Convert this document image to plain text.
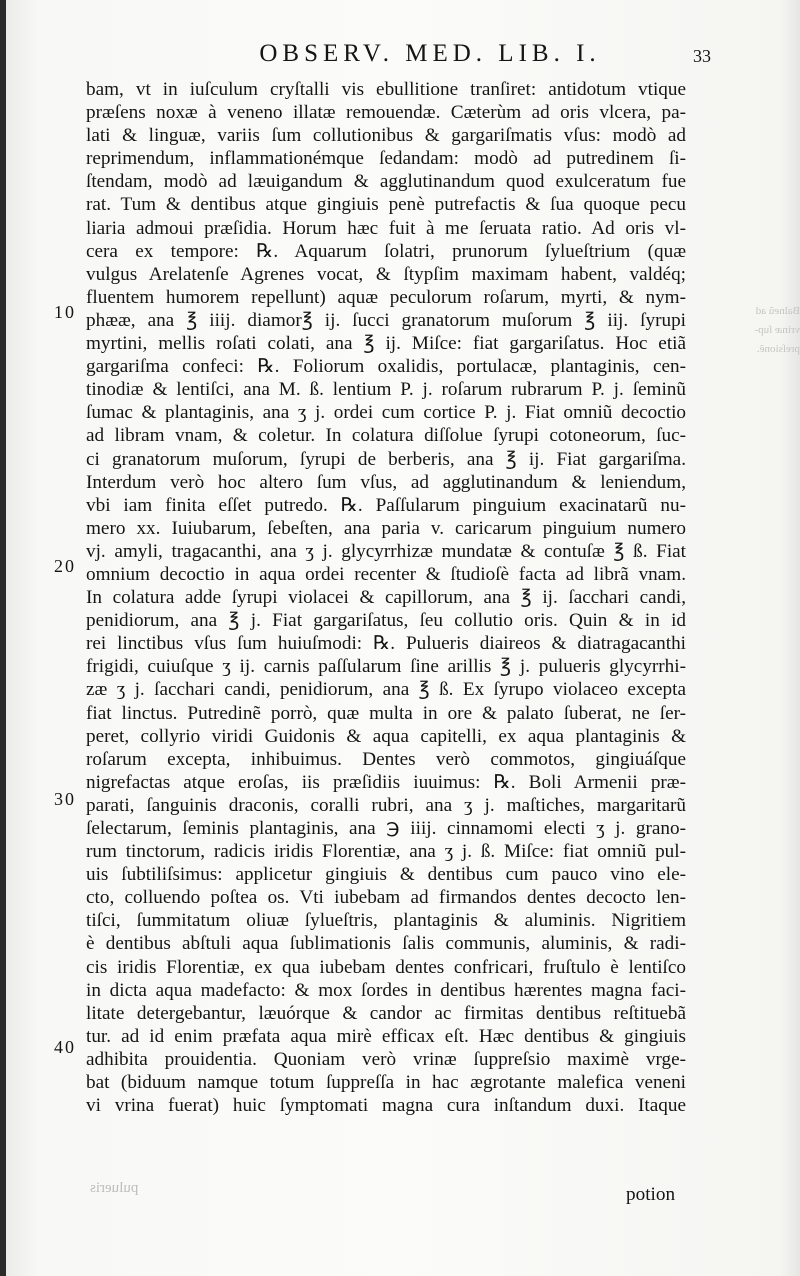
OBSERV. MED. LIB. I.	33
Balneũ ad
vrinæ ſup-
preſsionẽ.
10
20
30
40
bam, vt in iuſculum cryſtalli vis ebullitione tranſiret: antidotum vtique
præſens noxæ à veneno illatæ remouendæ. Cæterùm ad oris vlcera, pa-
lati & linguæ, variis ſum collutionibus & gargariſmatis vſus: modò ad
reprimendum, inflammationémque ſedandam: modò ad putredinem ſi-
ſtendam, modò ad læuigandum & agglutinandum quod exulceratum fue
rat. Tum & dentibus atque gingiuis penè putrefactis & ſua quoque pecu
liaria admoui præſidia. Horum hæc fuit à me ſeruata ratio. Ad oris vl-
cera ex tempore: ℞. Aquarum ſolatri, prunorum ſylueſtrium (quæ
vulgus Arelatenſe Agrenes vocat, & ſtypſim maximam habent, valdéq;
fluentem humorem repellunt) aquæ peculorum roſarum, myrti, & nym-
phææ, ana ℥ iiij. diamor℥ ij. ſucci granatorum muſorum ℥ iij. ſyrupi
myrtini, mellis roſati colati, ana ℥ ij. Miſce: fiat gargariſatus. Hoc etiã
gargariſma confeci: ℞. Foliorum oxalidis, portulacæ, plantaginis, cen-
tinodiæ & lentiſci, ana M. ß. lentium P. j. roſarum rubrarum P. j. ſeminũ
ſumac & plantaginis, ana ʒ j. ordei cum cortice P. j. Fiat omniũ decoctio
ad libram vnam, & coletur. In colatura diſſolue ſyrupi cotoneorum, ſuc-
ci granatorum muſorum, ſyrupi de berberis, ana ℥ ij. Fiat gargariſma.
Interdum verò hoc altero ſum vſus, ad agglutinandum & leniendum,
vbi iam finita eſſet putredo. ℞. Paſſularum pinguium exacinatarũ nu-
mero xx. Iuiubarum, ſebeſten, ana paria v. caricarum pinguium numero
vj. amyli, tragacanthi, ana ʒ j. glycyrrhizæ mundatæ & contuſæ ℥ ß. Fiat
omnium decoctio in aqua ordei recenter & ſtudioſè facta ad librã vnam.
In colatura adde ſyrupi violacei & capillorum, ana ℥ ij. ſacchari candi,
penidiorum, ana ℥ j. Fiat gargariſatus, ſeu collutio oris. Quin & in id
rei linctibus vſus ſum huiuſmodi: ℞. Pulueris diaireos & diatragacanthi
frigidi, cuiuſque ʒ ij. carnis paſſularum ſine arillis ℥ j. pulueris glycyrrhi-
zæ ʒ j. ſacchari candi, penidiorum, ana ℥ ß. Ex ſyrupo violaceo excepta
fiat linctus. Putredinẽ porrò, quæ multa in ore & palato ſuberat, ne ſer-
peret, collyrio viridi Guidonis & aqua capitelli, ex aqua plantaginis &
roſarum excepta, inhibuimus. Dentes verò commotos, gingiuáſque
nigrefactas atque eroſas, iis præſidiis iuuimus: ℞. Boli Armenii præ-
parati, ſanguinis draconis, coralli rubri, ana ʒ j. maſtiches, margaritarũ
ſelectarum, ſeminis plantaginis, ana ℈ iiij. cinnamomi electi ʒ j. grano-
rum tinctorum, radicis iridis Florentiæ, ana ʒ j. ß. Miſce: fiat omniũ pul-
uis ſubtiliſsimus: applicetur gingiuis & dentibus cum pauco vino ele-
cto, colluendo poſtea os. Vti iubebam ad firmandos dentes decocto len-
tiſci, ſummitatum oliuæ ſylueſtris, plantaginis & aluminis. Nigritiem
è dentibus abſtuli aqua ſublimationis ſalis communis, aluminis, & radi-
cis iridis Florentiæ, ex qua iubebam dentes confricari, fruſtulo è lentiſco
in dicta aqua madefacto: & mox ſordes in dentibus hærentes magna faci-
litate detergebantur, læuórque & candor ac firmitas dentibus reſtituebã
tur. ad id enim præfata aqua mirè efficax eſt. Hæc dentibus & gingiuis
adhibita prouidentia. Quoniam verò vrinæ ſuppreſsio maximè vrge-
bat (biduum namque totum ſuppreſſa in hac ægrotante malefica veneni
vi vrina fuerat) huic ſymptomati magna cura inſtandum duxi. Itaque
pulueris	potion
